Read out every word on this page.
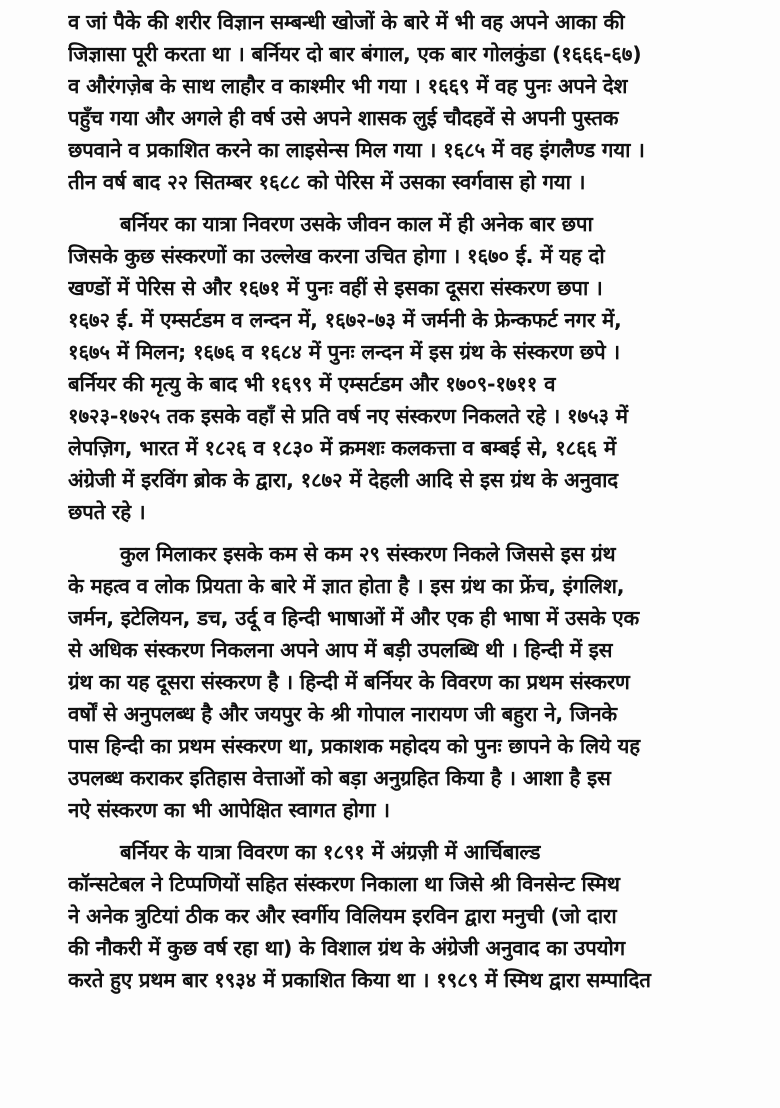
व जां पैके की शरीर विज्ञान सम्बन्धी खोजों के बारे में भी वह अपने आका की
जिज्ञासा पूरी करता था । बर्नियर दो बार बंगाल, एक बार गोलकुंडा (१६६६-६७)
व औरंगज़ेब के साथ लाहौर व काश्मीर भी गया । १६६९ में वह पुनः अपने देश
पहुँच गया और अगले ही वर्ष उसे अपने शासक लुई चौदहवें से अपनी पुस्तक
छपवाने व प्रकाशित करने का लाइसेन्स मिल गया । १६८५ में वह इंगलैण्ड गया ।
तीन वर्ष बाद २२ सितम्बर १६८८ को पेरिस में उसका स्वर्गवास हो गया ।
बर्नियर का यात्रा निवरण उसके जीवन काल में ही अनेक बार छपा
जिसके कुछ संस्करणों का उल्लेख करना उचित होगा । १६७० ई. में यह दो
खण्डों में पेरिस से और १६७१ में पुनः वहीं से इसका दूसरा संस्करण छपा ।
१६७२ ई. में एम्सर्टडम व लन्दन में, १६७२-७३ में जर्मनी के फ्रेन्कफर्ट नगर में,
१६७५ में मिलन; १६७६ व १६८४ में पुनः लन्दन में इस ग्रंथ के संस्करण छपे ।
बर्नियर की मृत्यु के बाद भी १६९९ में एम्सर्टडम और १७०९-१७११ व
१७२३-१७२५ तक इसके वहाँ से प्रति वर्ष नए संस्करण निकलते रहे । १७५३ में
लेपज़िग, भारत में १८२६ व १८३० में क्रमशः कलकत्ता व बम्बई से, १८६६ में
अंग्रेजी में इरविंग ब्रोक के द्वारा, १८७२ में देहली आदि से इस ग्रंथ के अनुवाद
छपते रहे ।
कुल मिलाकर इसके कम से कम २९ संस्करण निकले जिससे इस ग्रंथ
के महत्व व लोक प्रियता के बारे में ज्ञात होता है । इस ग्रंथ का फ्रेंच, इंगलिश,
जर्मन, इटेलियन, डच, उर्दू व हिन्दी भाषाओं में और एक ही भाषा में उसके एक
से अधिक संस्करण निकलना अपने आप में बड़ी उपलब्धि थी । हिन्दी में इस
ग्रंथ का यह दूसरा संस्करण है । हिन्दी में बर्नियर के विवरण का प्रथम संस्करण
वर्षों से अनुपलब्ध है और जयपुर के श्री गोपाल नारायण जी बहुरा ने, जिनके
पास हिन्दी का प्रथम संस्करण था, प्रकाशक महोदय को पुनः छापने के लिये यह
उपलब्ध कराकर इतिहास वेत्ताओं को बड़ा अनुग्रहित किया है । आशा है इस
नऐ संस्करण का भी आपेक्षित स्वागत होगा ।
बर्नियर के यात्रा विवरण का १८९१ में अंग्रज़ी में आर्चिबाल्ड
कॉन्सटेबल ने टिप्पणियों सहित संस्करण निकाला था जिसे श्री विनसेन्ट स्मिथ
ने अनेक त्रुटियां ठीक कर और स्वर्गीय विलियम इरविन द्वारा मनुची (जो दारा
की नौकरी में कुछ वर्ष रहा था) के विशाल ग्रंथ के अंग्रेजी अनुवाद का उपयोग
करते हुए प्रथम बार १९३४ में प्रकाशित किया था । १९८९ में स्मिथ द्वारा सम्पादित
